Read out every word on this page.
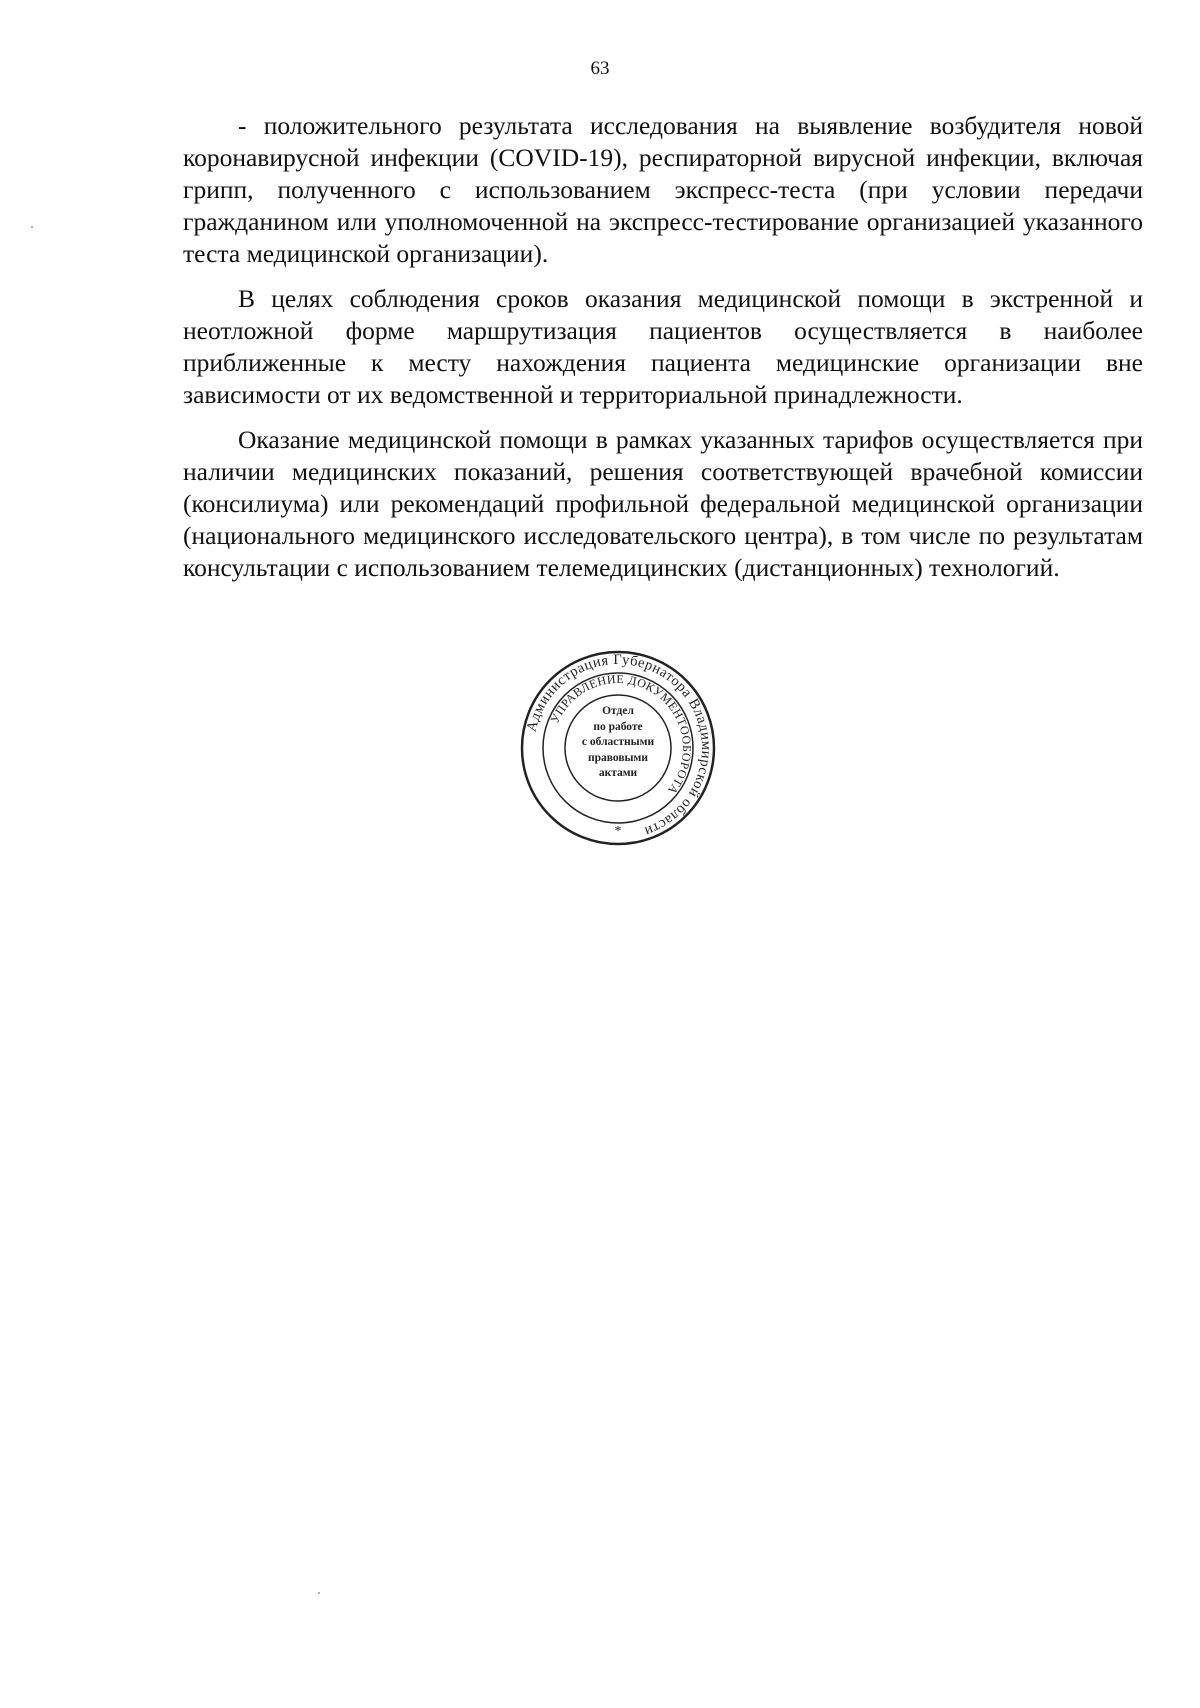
63

- положительного результата исследования на выявление возбудителя новой коронавирусной инфекции (COVID-19), респираторной вирусной инфекции, включая грипп, полученного с использованием экспресс-теста (при условии передачи гражданином или уполномоченной на экспресс-тестирование организацией указанного теста медицинской организации).

В целях соблюдения сроков оказания медицинской помощи в экстренной и неотложной форме маршрутизация пациентов осуществляется в наиболее приближенные к месту нахождения пациента медицинские организации вне зависимости от их ведомственной и территориальной принадлежности.

Оказание медицинской помощи в рамках указанных тарифов осуществляется при наличии медицинских показаний, решения соответствующей врачебной комиссии (консилиума) или рекомендаций профильной федеральной медицинской организации (национального медицинского исследовательского центра), в том числе по результатам консультации с использованием телемедицинских (дистанционных) технологий.

Администрация Губернатора Владимирской области
УПРАВЛЕНИЕ ДОКУМЕНТООБОРОТА
*
Отдел
по работе
с областными
правовыми
актами
